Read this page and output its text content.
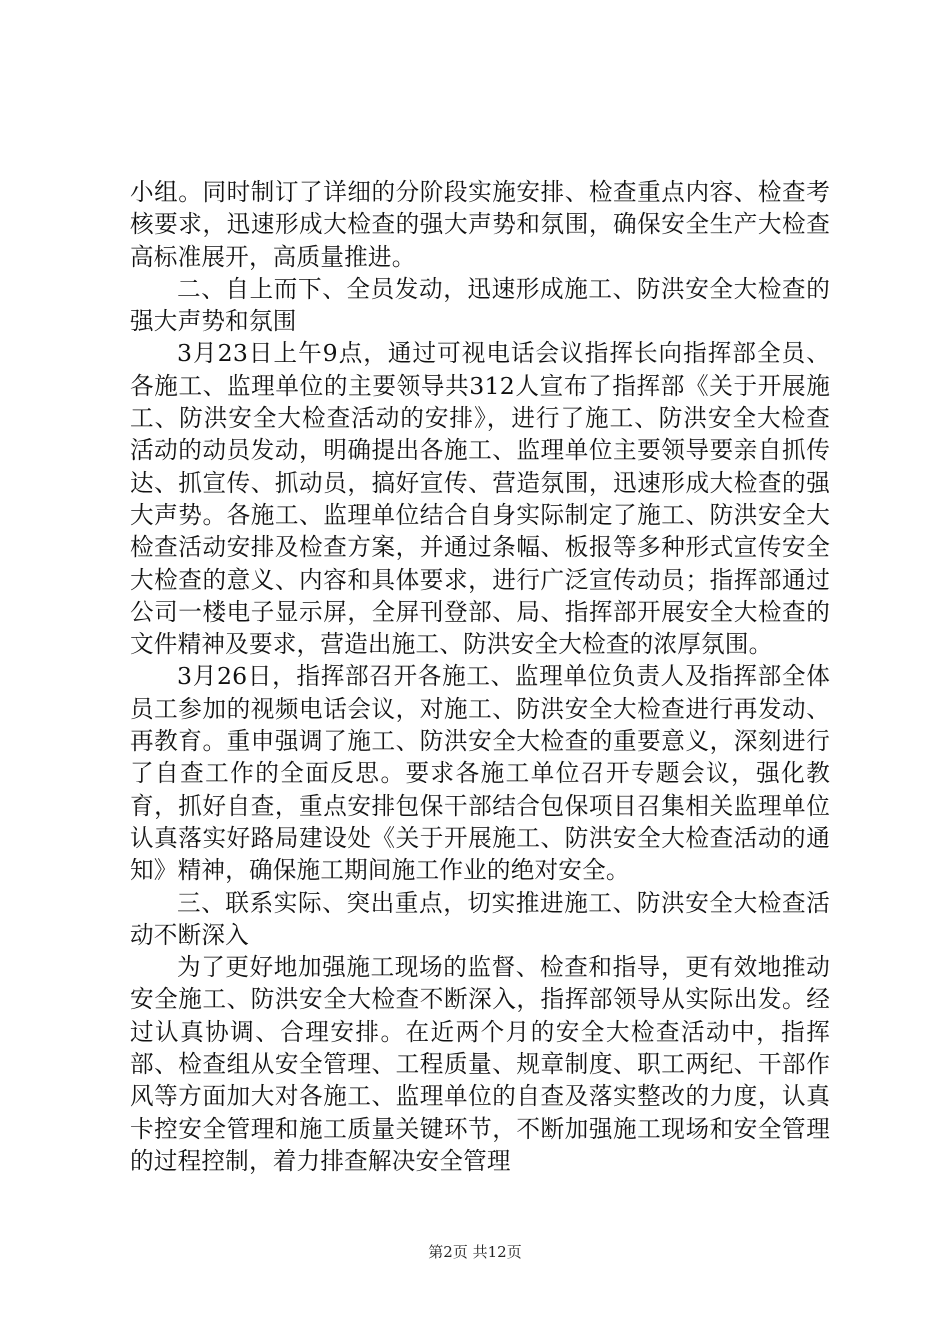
小组。同时制订了详细的分阶段实施安排、检查重点内容、检查考核要求，迅速形成大检查的强大声势和氛围，确保安全生产大检查高标准展开，高质量推进。

二、自上而下、全员发动，迅速形成施工、防洪安全大检查的强大声势和氛围

3月23日上午9点，通过可视电话会议指挥长向指挥部全员、各施工、监理单位的主要领导共312人宣布了指挥部《关于开展施工、防洪安全大检查活动的安排》，进行了施工、防洪安全大检查活动的动员发动，明确提出各施工、监理单位主要领导要亲自抓传达、抓宣传、抓动员，搞好宣传、营造氛围，迅速形成大检查的强大声势。各施工、监理单位结合自身实际制定了施工、防洪安全大检查活动安排及检查方案，并通过条幅、板报等多种形式宣传安全大检查的意义、内容和具体要求，进行广泛宣传动员；指挥部通过公司一楼电子显示屏，全屏刊登部、局、指挥部开展安全大检查的文件精神及要求，营造出施工、防洪安全大检查的浓厚氛围。

3月26日，指挥部召开各施工、监理单位负责人及指挥部全体员工参加的视频电话会议，对施工、防洪安全大检查进行再发动、再教育。重申强调了施工、防洪安全大检查的重要意义，深刻进行了自查工作的全面反思。要求各施工单位召开专题会议，强化教育，抓好自查，重点安排包保干部结合包保项目召集相关监理单位认真落实好路局建设处《关于开展施工、防洪安全大检查活动的通知》精神，确保施工期间施工作业的绝对安全。

三、联系实际、突出重点，切实推进施工、防洪安全大检查活动不断深入

为了更好地加强施工现场的监督、检查和指导，更有效地推动安全施工、防洪安全大检查不断深入，指挥部领导从实际出发。经过认真协调、合理安排。在近两个月的安全大检查活动中，指挥部、检查组从安全管理、工程质量、规章制度、职工两纪、干部作风等方面加大对各施工、监理单位的自查及落实整改的力度，认真卡控安全管理和施工质量关键环节，不断加强施工现场和安全管理的过程控制，着力排查解决安全管理

第2页 共12页
